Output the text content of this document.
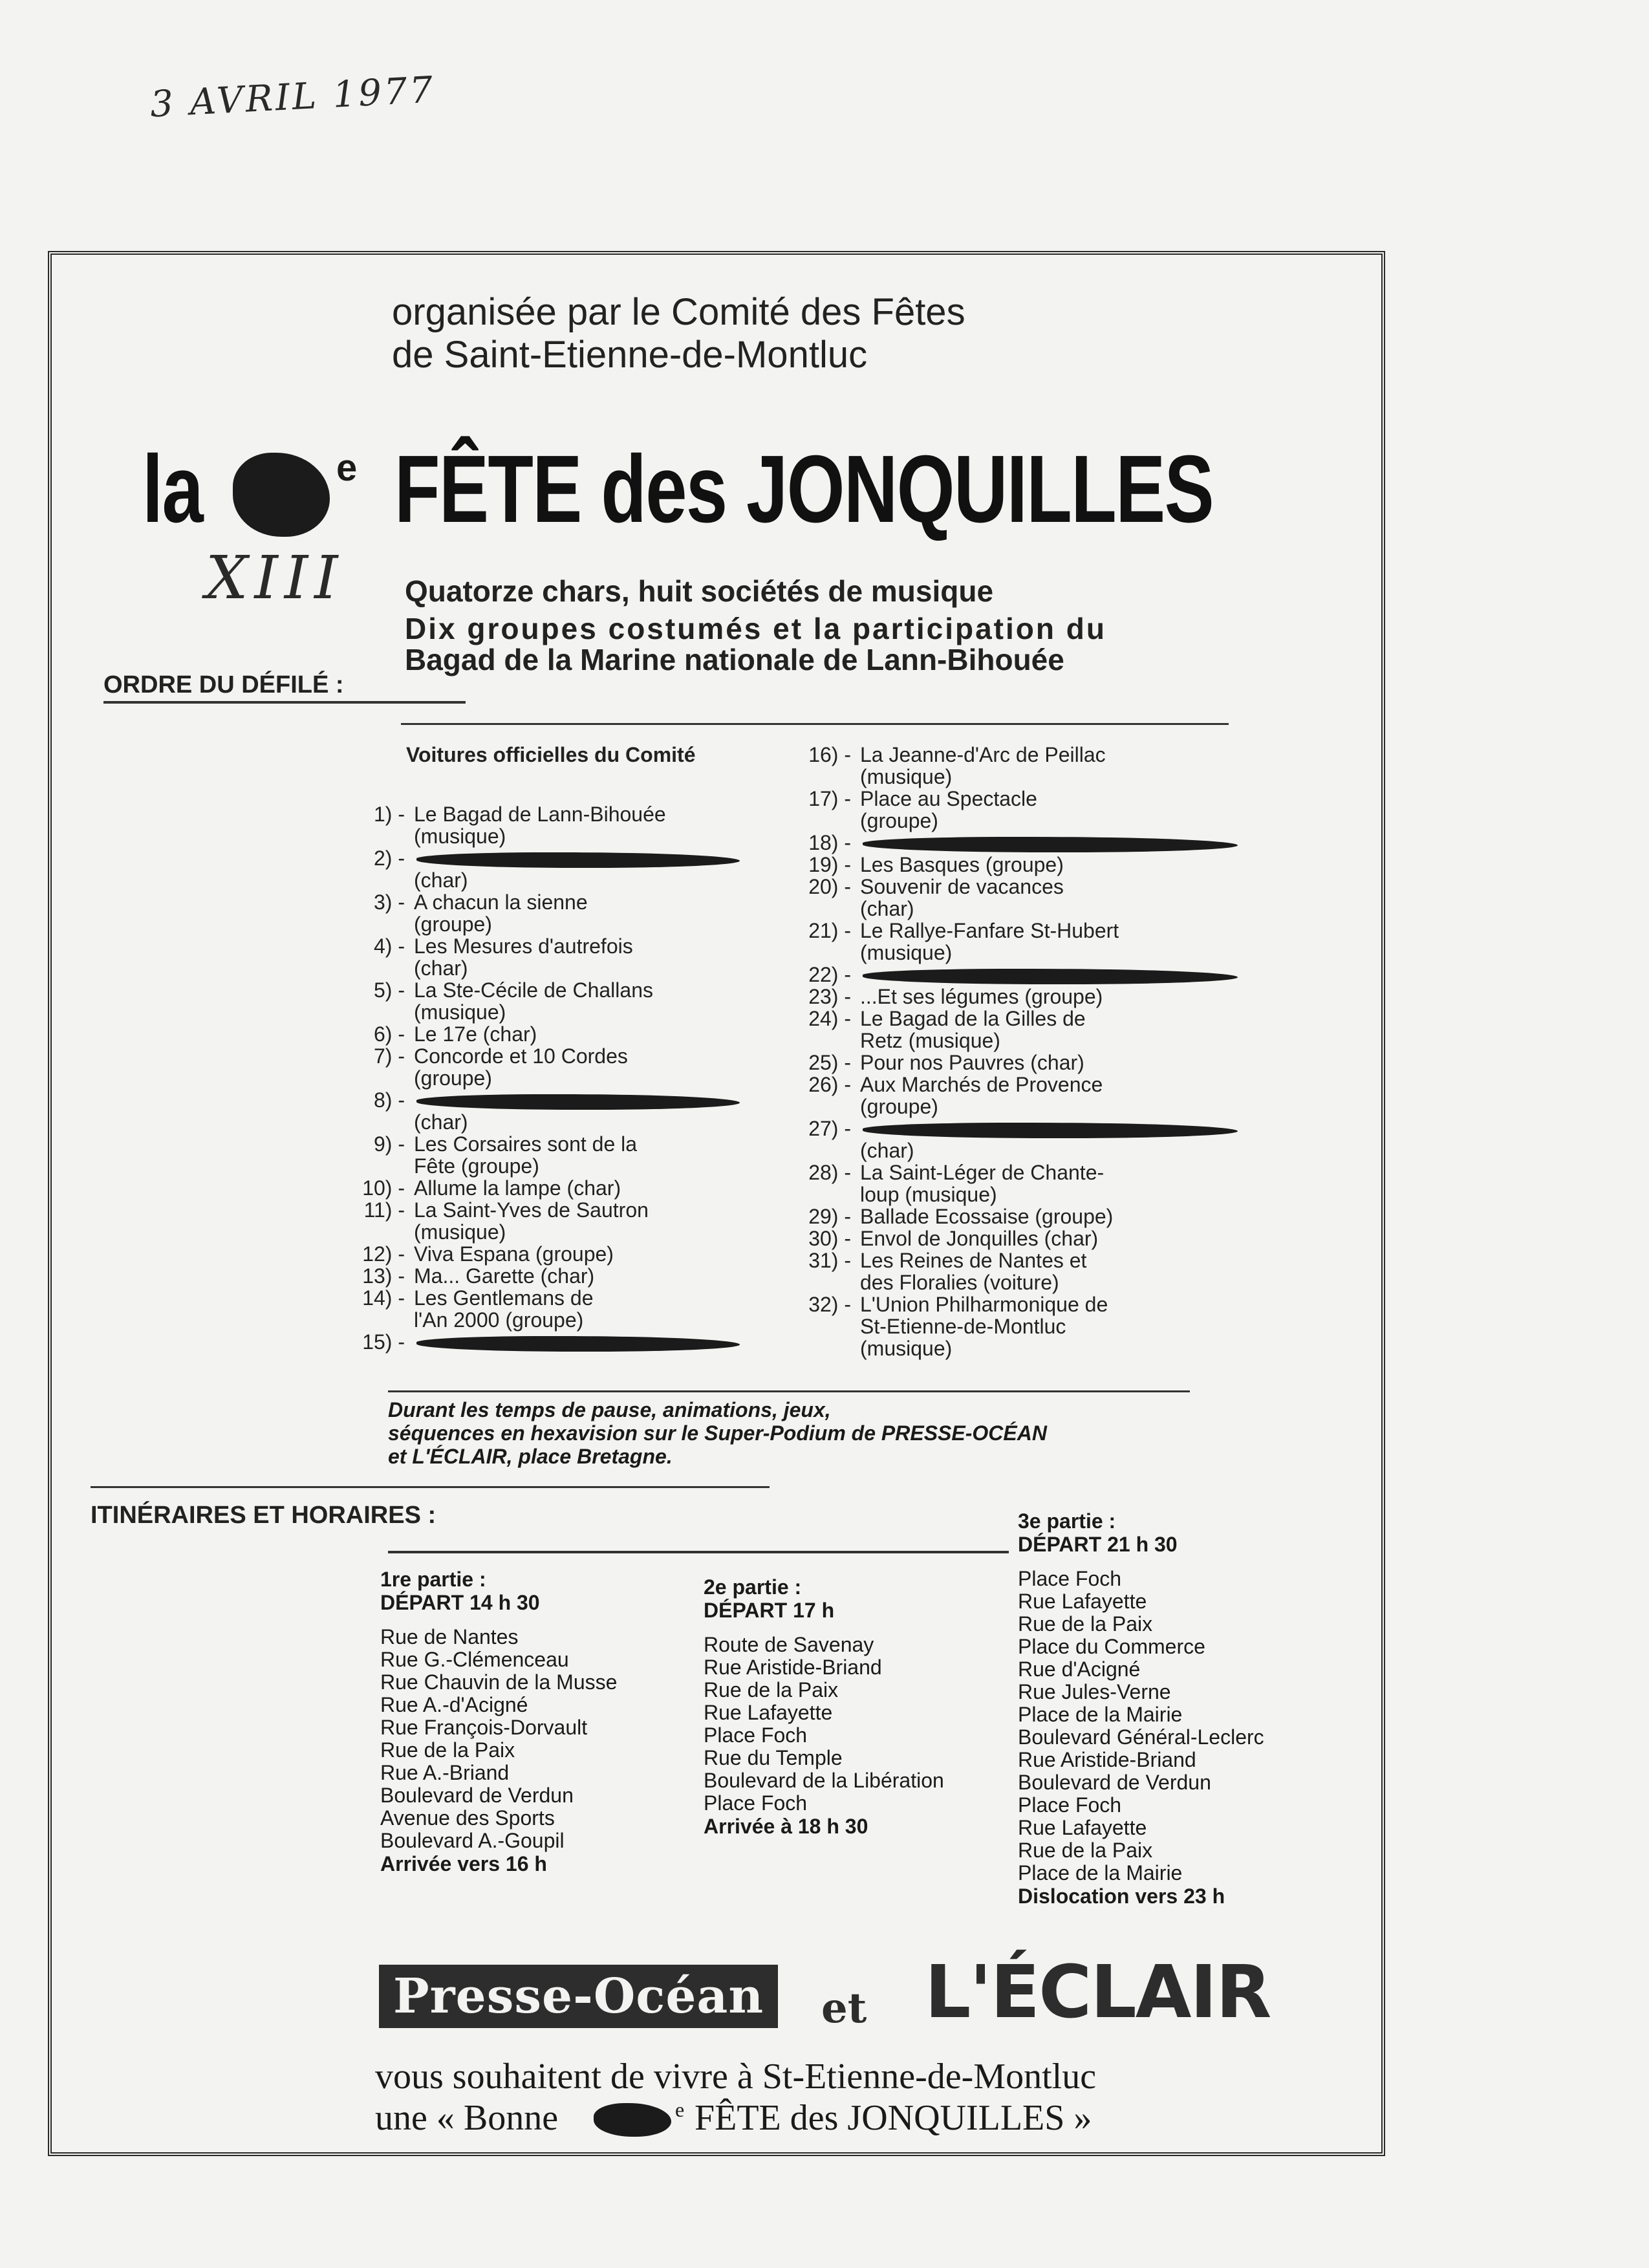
3 AVRIL 1977
XIII
organisée par le Comité des Fêtes
de Saint-Etienne-de-Montluc
la	e FÊTE des JONQUILLES
Quatorze chars, huit sociétés de musique
Dix groupes costumés et la participation du
Bagad de la Marine nationale de Lann-Bihouée
ORDRE DU DÉFILÉ :
Voitures officielles du Comité
1) - Le Bagad de Lann-Bihouée
(musique)
2) -
(char)
3) - A chacun la sienne
(groupe)
4) - Les Mesures d'autrefois
(char)
5) - La Ste-Cécile de Challans
(musique)
6) - Le 17e (char)
7) - Concorde et 10 Cordes
(groupe)
8) -
(char)
9) - Les Corsaires sont de la
Fête (groupe)
10) - Allume la lampe (char)
11) - La Saint-Yves de Sautron
(musique)
12) - Viva Espana (groupe)
13) - Ma... Garette (char)
14) - Les Gentlemans de
l'An 2000 (groupe)
15) -
16) - La Jeanne-d'Arc de Peillac
(musique)
17) - Place au Spectacle
(groupe)
18) -
19) - Les Basques (groupe)
20) - Souvenir de vacances
(char)
21) - Le Rallye-Fanfare St-Hubert
(musique)
22) -
23) - ...Et ses légumes (groupe)
24) - Le Bagad de la Gilles de
Retz (musique)
25) - Pour nos Pauvres (char)
26) - Aux Marchés de Provence
(groupe)
27) -
(char)
28) - La Saint-Léger de Chante-
loup (musique)
29) - Ballade Ecossaise (groupe)
30) - Envol de Jonquilles (char)
31) - Les Reines de Nantes et
des Floralies (voiture)
32) - L'Union Philharmonique de
St-Etienne-de-Montluc
(musique)
Durant les temps de pause, animations, jeux,
séquences en hexavision sur le Super-Podium de PRESSE-OCÉAN
et L'ÉCLAIR, place Bretagne.
ITINÉRAIRES ET HORAIRES :
1re partie :
DÉPART 14 h 30
Rue de Nantes
Rue G.-Clémenceau
Rue Chauvin de la Musse
Rue A.-d'Acigné
Rue François-Dorvault
Rue de la Paix
Rue A.-Briand
Boulevard de Verdun
Avenue des Sports
Boulevard A.-Goupil
Arrivée vers 16 h
2e partie :
DÉPART 17 h
Route de Savenay
Rue Aristide-Briand
Rue de la Paix
Rue Lafayette
Place Foch
Rue du Temple
Boulevard de la Libération
Place Foch
Arrivée à 18 h 30
3e partie :
DÉPART 21 h 30
Place Foch
Rue Lafayette
Rue de la Paix
Place du Commerce
Rue d'Acigné
Rue Jules-Verne
Place de la Mairie
Boulevard Général-Leclerc
Rue Aristide-Briand
Boulevard de Verdun
Place Foch
Rue Lafayette
Rue de la Paix
Place de la Mairie
Dislocation vers 23 h
Presse-Océan	et L'ÉCLAIR
vous souhaitent de vivre à St-Etienne-de-Montluc
une « Bonne	e FÊTE des JONQUILLES »
